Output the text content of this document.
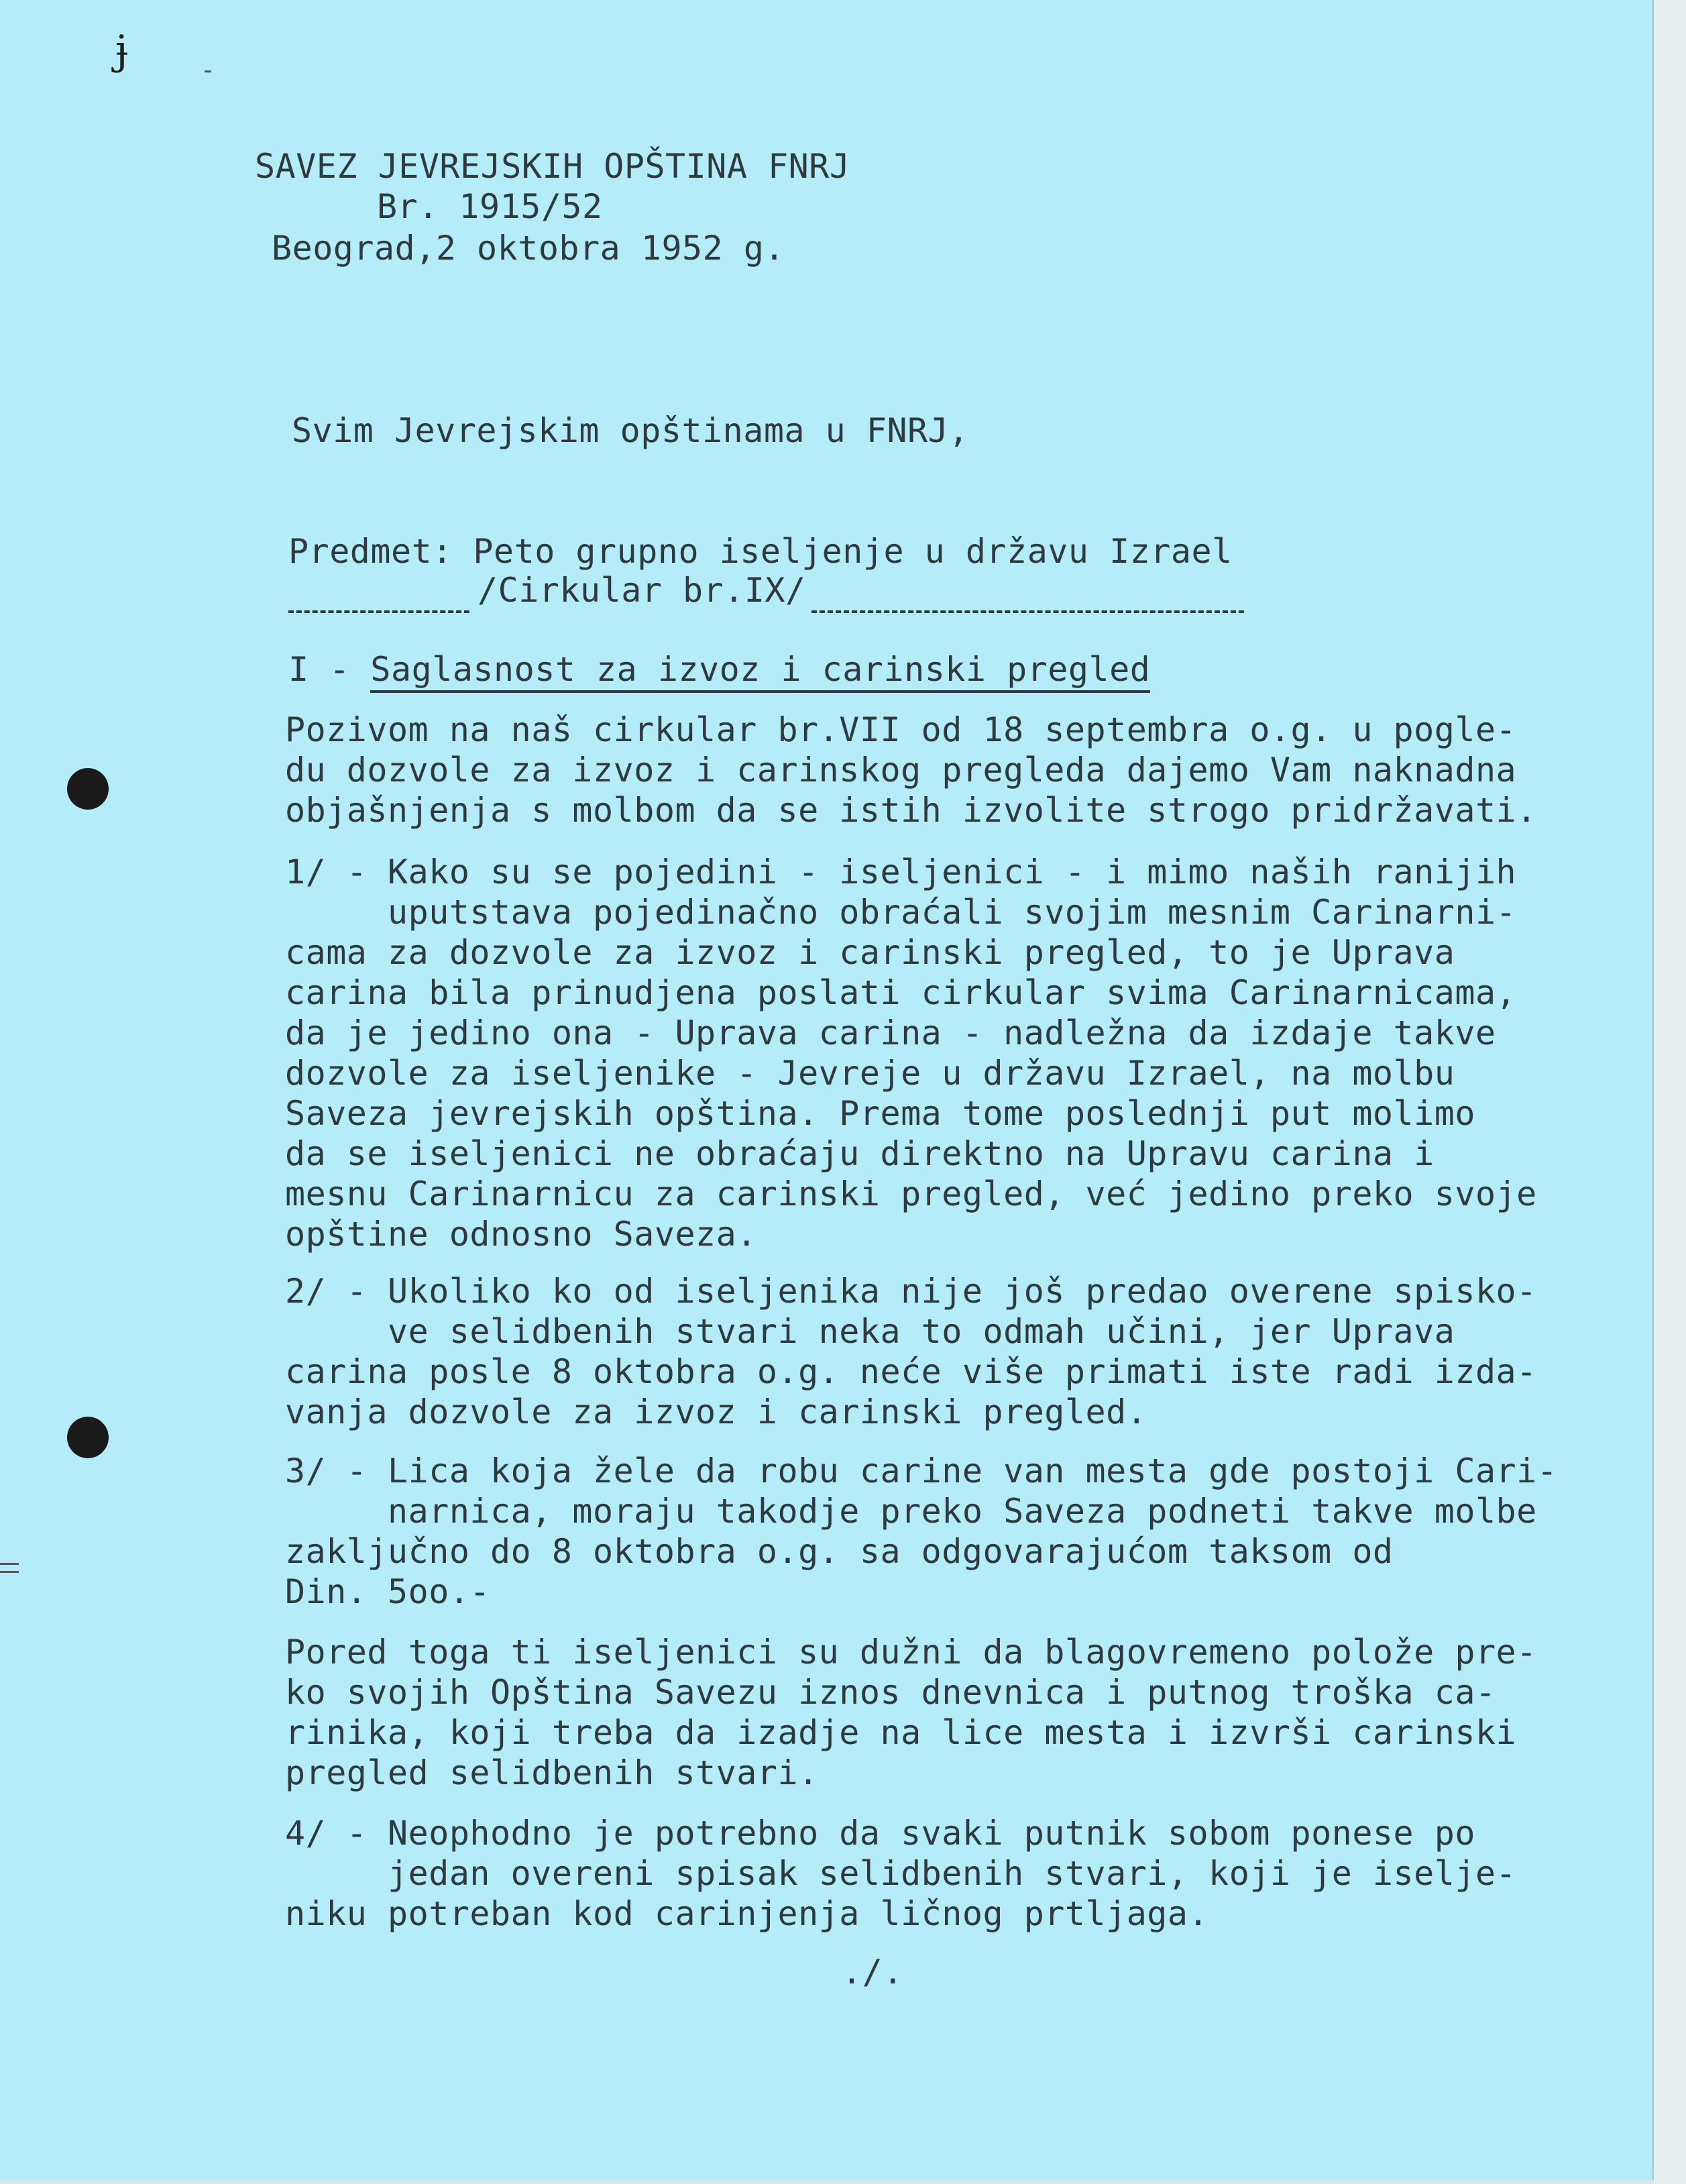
ɉ
SAVEZ JEVREJSKIH OPŠTINA FNRJ
Br. 1915/52
Beograd,2 oktobra 1952 g.
Svim Jevrejskim opštinama u FNRJ,
Predmet: Peto grupno iseljenje u državu Izrael
/Cirkular br.IX/
I - Saglasnost za izvoz i carinski pregled
Pozivom na naš cirkular br.VII od 18 septembra o.g. u pogle-
du dozvole za izvoz i carinskog pregleda dajemo Vam naknadna
objašnjenja s molbom da se istih izvolite strogo pridržavati.
1/ - Kako su se pojedini - iseljenici - i mimo naših ranijih
uputstava pojedinačno obraćali svojim mesnim Carinarni-
cama za dozvole za izvoz i carinski pregled, to je Uprava
carina bila prinudjena poslati cirkular svima Carinarnicama,
da je jedino ona - Uprava carina - nadležna da izdaje takve
dozvole za iseljenike - Jevreje u državu Izrael, na molbu
Saveza jevrejskih opština. Prema tome poslednji put molimo
da se iseljenici ne obraćaju direktno na Upravu carina i
mesnu Carinarnicu za carinski pregled, već jedino preko svoje
opštine odnosno Saveza.
2/ - Ukoliko ko od iseljenika nije još predao overene spisko-
ve selidbenih stvari neka to odmah učini, jer Uprava
carina posle 8 oktobra o.g. neće više primati iste radi izda-
vanja dozvole za izvoz i carinski pregled.
3/ - Lica koja žele da robu carine van mesta gde postoji Cari-
narnica, moraju takodje preko Saveza podneti takve molbe
zaključno do 8 oktobra o.g. sa odgovarajućom taksom od
Din. 5oo.-
Pored toga ti iseljenici su dužni da blagovremeno polože pre-
ko svojih Opština Savezu iznos dnevnica i putnog troška ca-
rinika, koji treba da izadje na lice mesta i izvrši carinski
pregled selidbenih stvari.
4/ - Neophodno je potrebno da svaki putnik sobom ponese po
jedan overeni spisak selidbenih stvari, koji je iselje-
niku potreban kod carinjenja ličnog prtljaga.
./.
